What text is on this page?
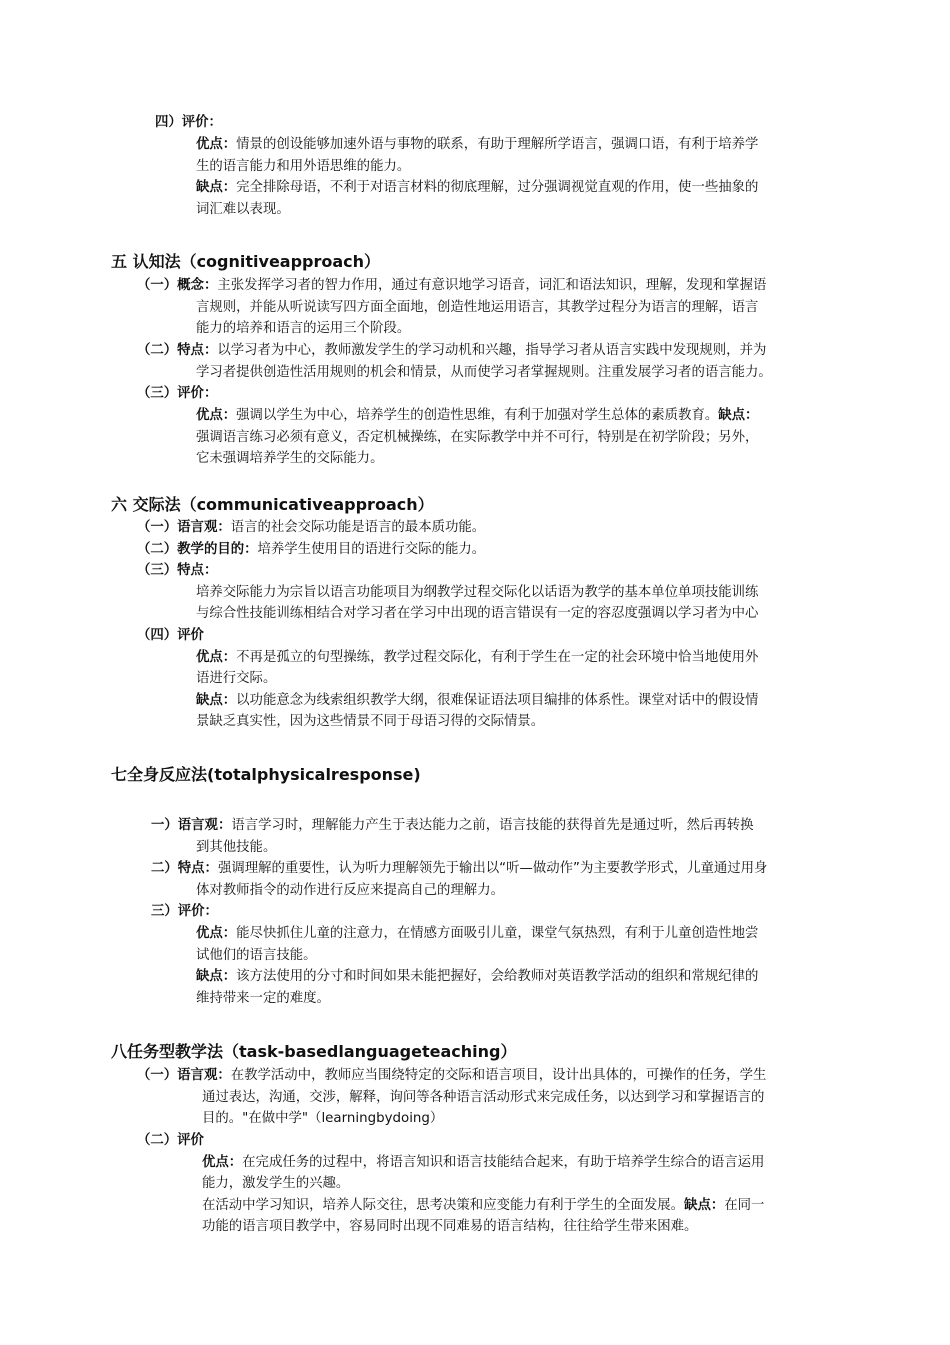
四）评价：
优点：情景的创设能够加速外语与事物的联系，有助于理解所学语言，强调口语，有利于培养学
生的语言能力和用外语思维的能力。
缺点：完全排除母语，不利于对语言材料的彻底理解，过分强调视觉直观的作用，使一些抽象的
词汇难以表现。
五 认知法（cognitiveapproach）
（一）概念：主张发挥学习者的智力作用，通过有意识地学习语音，词汇和语法知识，理解，发现和掌握语
言规则，并能从听说读写四方面全面地，创造性地运用语言，其教学过程分为语言的理解，语言
能力的培养和语言的运用三个阶段。
（二）特点：以学习者为中心，教师激发学生的学习动机和兴趣，指导学习者从语言实践中发现规则，并为
学习者提供创造性活用规则的机会和情景，从而使学习者掌握规则。注重发展学习者的语言能力。
（三）评价：
优点：强调以学生为中心，培养学生的创造性思维，有利于加强对学生总体的素质教育。缺点：
强调语言练习必须有意义，否定机械操练，在实际教学中并不可行，特别是在初学阶段；另外，
它未强调培养学生的交际能力。
六 交际法（communicativeapproach）
（一）语言观：语言的社会交际功能是语言的最本质功能。
（二）教学的目的：培养学生使用目的语进行交际的能力。
（三）特点：
培养交际能力为宗旨以语言功能项目为纲教学过程交际化以话语为教学的基本单位单项技能训练
与综合性技能训练相结合对学习者在学习中出现的语言错误有一定的容忍度强调以学习者为中心
（四）评价
优点：不再是孤立的句型操练，教学过程交际化，有利于学生在一定的社会环境中恰当地使用外
语进行交际。
缺点：以功能意念为线索组织教学大纲，很难保证语法项目编排的体系性。课堂对话中的假设情
景缺乏真实性，因为这些情景不同于母语习得的交际情景。
七全身反应法(totalphysicalresponse)
一）语言观：语言学习时，理解能力产生于表达能力之前，语言技能的获得首先是通过听，然后再转换
到其他技能。
二）特点：强调理解的重要性，认为听力理解领先于输出以“听—做动作”为主要教学形式，儿童通过用身
体对教师指令的动作进行反应来提高自己的理解力。
三）评价：
优点：能尽快抓住儿童的注意力，在情感方面吸引儿童，课堂气氛热烈，有利于儿童创造性地尝
试他们的语言技能。
缺点：该方法使用的分寸和时间如果未能把握好，会给教师对英语教学活动的组织和常规纪律的
维持带来一定的难度。
八任务型教学法（task-basedlanguageteaching）
（一）语言观：在教学活动中，教师应当围绕特定的交际和语言项目，设计出具体的，可操作的任务，学生
通过表达，沟通，交涉，解释，询问等各种语言活动形式来完成任务，以达到学习和掌握语言的
目的。"在做中学"（learningbydoing）
（二）评价
优点：在完成任务的过程中，将语言知识和语言技能结合起来，有助于培养学生综合的语言运用
能力，激发学生的兴趣。
在活动中学习知识，培养人际交往，思考决策和应变能力有利于学生的全面发展。缺点：在同一
功能的语言项目教学中，容易同时出现不同难易的语言结构，往往给学生带来困难。
